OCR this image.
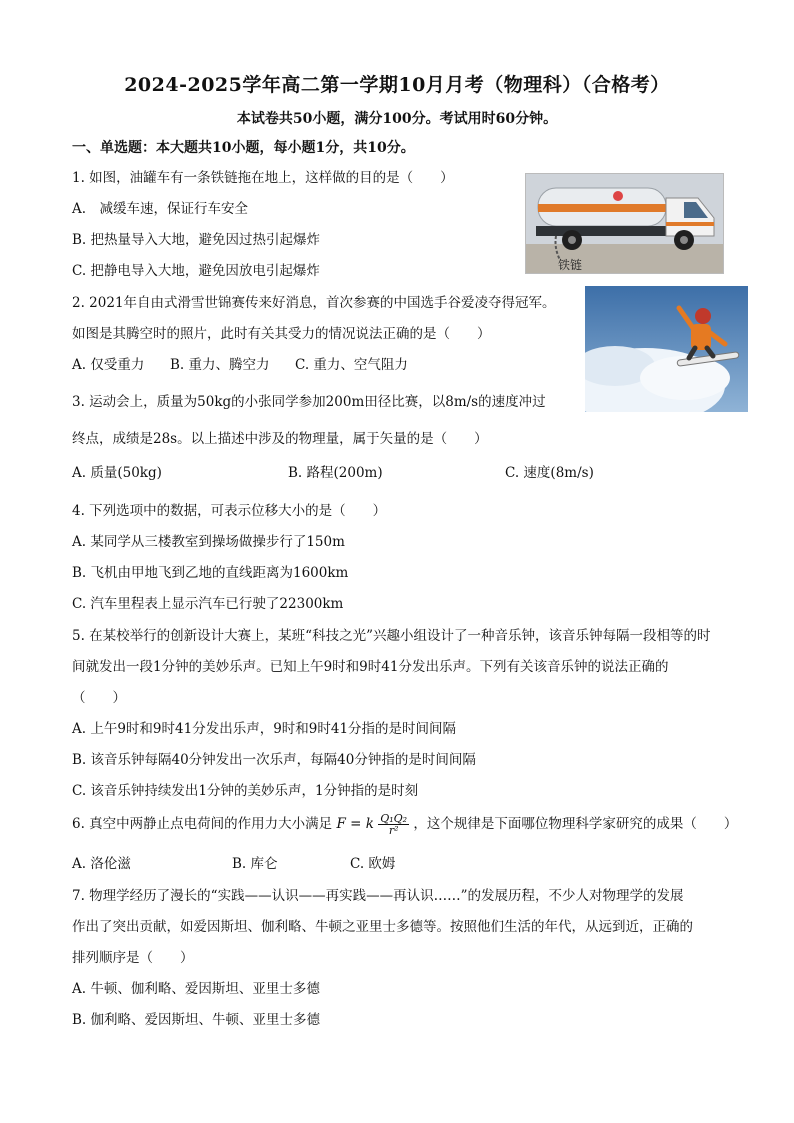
2024-2025学年高二第一学期10月月考（物理科）（合格考）
本试卷共50小题，满分100分。考试用时60分钟。
一、单选题：本大题共10小题，每小题1分，共10分。
1. 如图，油罐车有一条铁链拖在地上，这样做的目的是（　　）
A.　减缓车速，保证行车安全
B. 把热量导入大地，避免因过热引起爆炸
C. 把静电导入大地，避免因放电引起爆炸	铁链
2. 2021年自由式滑雪世锦赛传来好消息，首次参赛的中国选手谷爱凌夺得冠军。
如图是其腾空时的照片，此时有关其受力的情况说法正确的是（　　）
A. 仅受重力 B. 重力、腾空力 C. 重力、空气阻力
3. 运动会上，质量为50kg的小张同学参加200m田径比赛，以8m/s的速度冲过
终点，成绩是28s。以上描述中涉及的物理量，属于矢量的是（　　）
A. 质量(50kg)	B. 路程(200m)	C. 速度(8m/s)
4. 下列选项中的数据，可表示位移大小的是（　　）
A. 某同学从三楼教室到操场做操步行了150m
B. 飞机由甲地飞到乙地的直线距离为1600km
C. 汽车里程表上显示汽车已行驶了22300km
5. 在某校举行的创新设计大赛上，某班“科技之光”兴趣小组设计了一种音乐钟，该音乐钟每隔一段相等的时
间就发出一段1分钟的美妙乐声。已知上午9时和9时41分发出乐声。下列有关该音乐钟的说法正确的
（　　）
A. 上午9时和9时41分发出乐声，9时和9时41分指的是时间间隔
B. 该音乐钟每隔40分钟发出一次乐声，每隔40分钟指的是时间间隔
C. 该音乐钟持续发出1分钟的美妙乐声，1分钟指的是时刻
6. 真空中两静止点电荷间的作用力大小满足 F = k $\frac{\text{Q₁Q₂}}{\text{r²}}$ ，这个规律是下面哪位物理科学家研究的成果（　　）
A. 洛伦滋	B. 库仑	C. 欧姆
7. 物理学经历了漫长的“实践——认识——再实践——再认识……”的发展历程，不少人对物理学的发展
作出了突出贡献，如爱因斯坦、伽利略、牛顿之亚里士多德等。按照他们生活的年代，从远到近，正确的
排列顺序是（　　）
A. 牛顿、伽利略、爱因斯坦、亚里士多德
B. 伽利略、爱因斯坦、牛顿、亚里士多德
